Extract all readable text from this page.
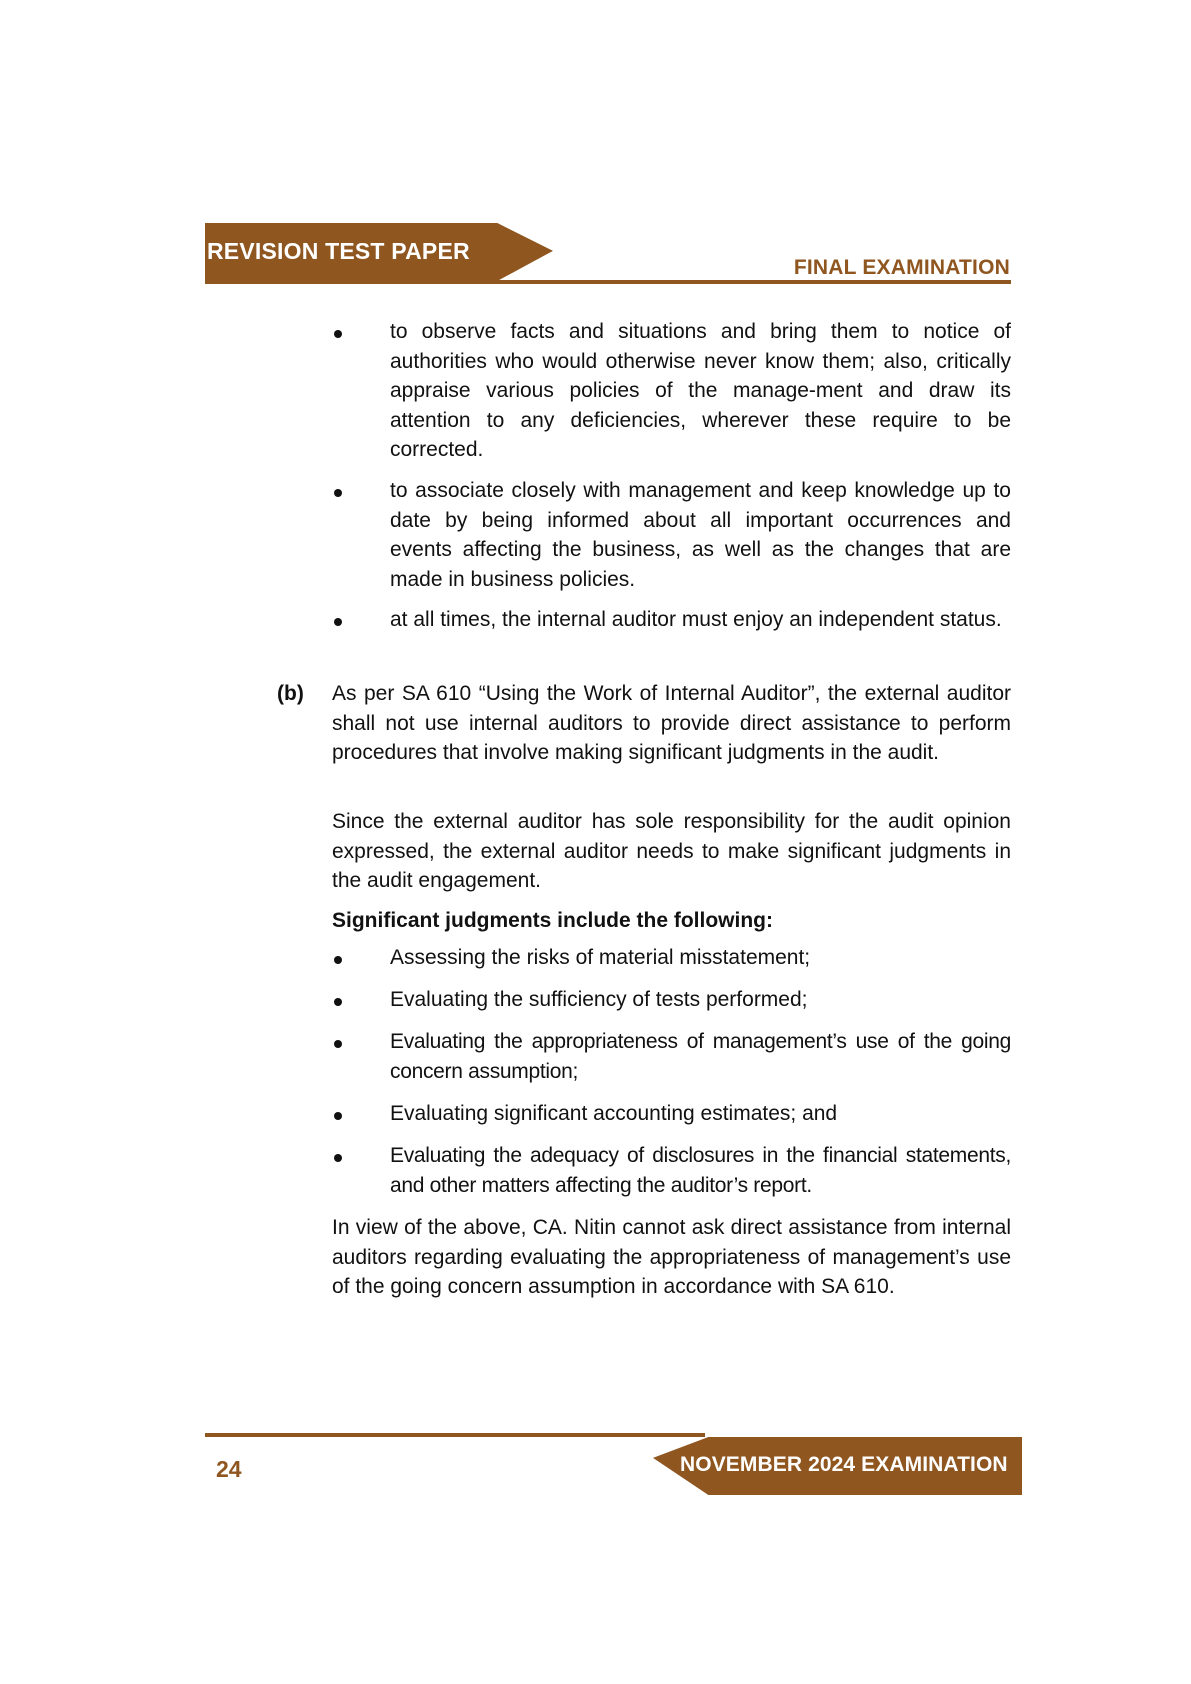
REVISION TEST PAPER
FINAL EXAMINATION
to observe facts and situations and bring them to notice of authorities who would otherwise never know them; also, critically appraise various policies of the manage-ment and draw its attention to any deficiencies, wherever these require to be corrected.
to associate closely with management and keep knowledge up to date by being informed about all important occurrences and events affecting the business, as well as the changes that are made in business policies.
at all times, the internal auditor must enjoy an independent status.
(b) As per SA 610 “Using the Work of Internal Auditor”, the external auditor shall not use internal auditors to provide direct assistance to perform procedures that involve making significant judgments in the audit.
Since the external auditor has sole responsibility for the audit opinion expressed, the external auditor needs to make significant judgments in the audit engagement.
Significant judgments include the following:
Assessing the risks of material misstatement;
Evaluating the sufficiency of tests performed;
Evaluating the appropriateness of management’s use of the going concern assumption;
Evaluating significant accounting estimates; and
Evaluating the adequacy of disclosures in the financial statements, and other matters affecting the auditor’s report.
In view of the above, CA. Nitin cannot ask direct assistance from internal auditors regarding evaluating the appropriateness of management’s use of the going concern assumption in accordance with SA 610.
NOVEMBER 2024 EXAMINATION
24
